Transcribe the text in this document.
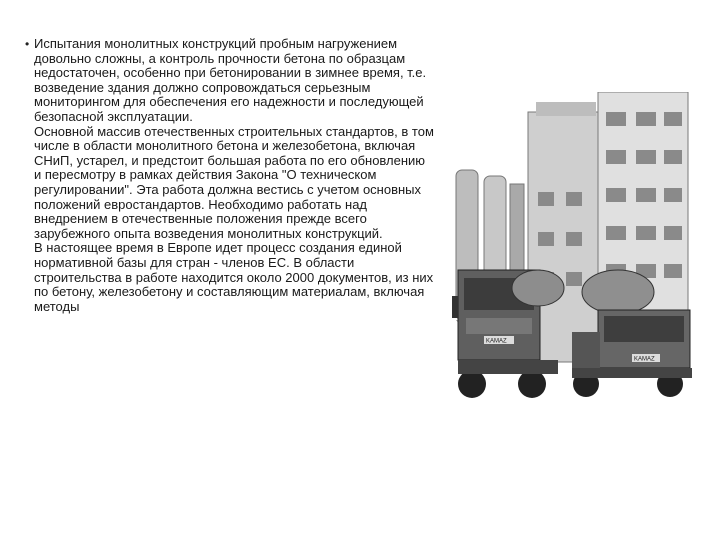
• Испытания монолитных конструкций пробным нагружением довольно сложны, а контроль прочности бетона по образцам недостаточен, особенно при бетонировании в зимнее время, т.е. возведение здания должно сопровождаться серьезным мониторингом для обеспечения его надежности и последующей безопасной эксплуатации.
Основной массив отечественных строительных стандартов, в том числе в области монолитного бетона и железобетона, включая СНиП, устарел, и предстоит большая работа по его обновлению и пересмотру в рамках действия Закона "О техническом регулировании". Эта работа должна вестись с учетом основных положений евростандартов. Необходимо работать над внедрением в отечественные положения прежде всего зарубежного опыта возведения монолитных конструкций.
В настоящее время в Европе идет процесс создания единой нормативной базы для стран - членов ЕС. В области строительства в работе находится около 2000 документов, из них по бетону, железобетону и составляющим материалам, включая методы
KAMAZ
KAMAZ
